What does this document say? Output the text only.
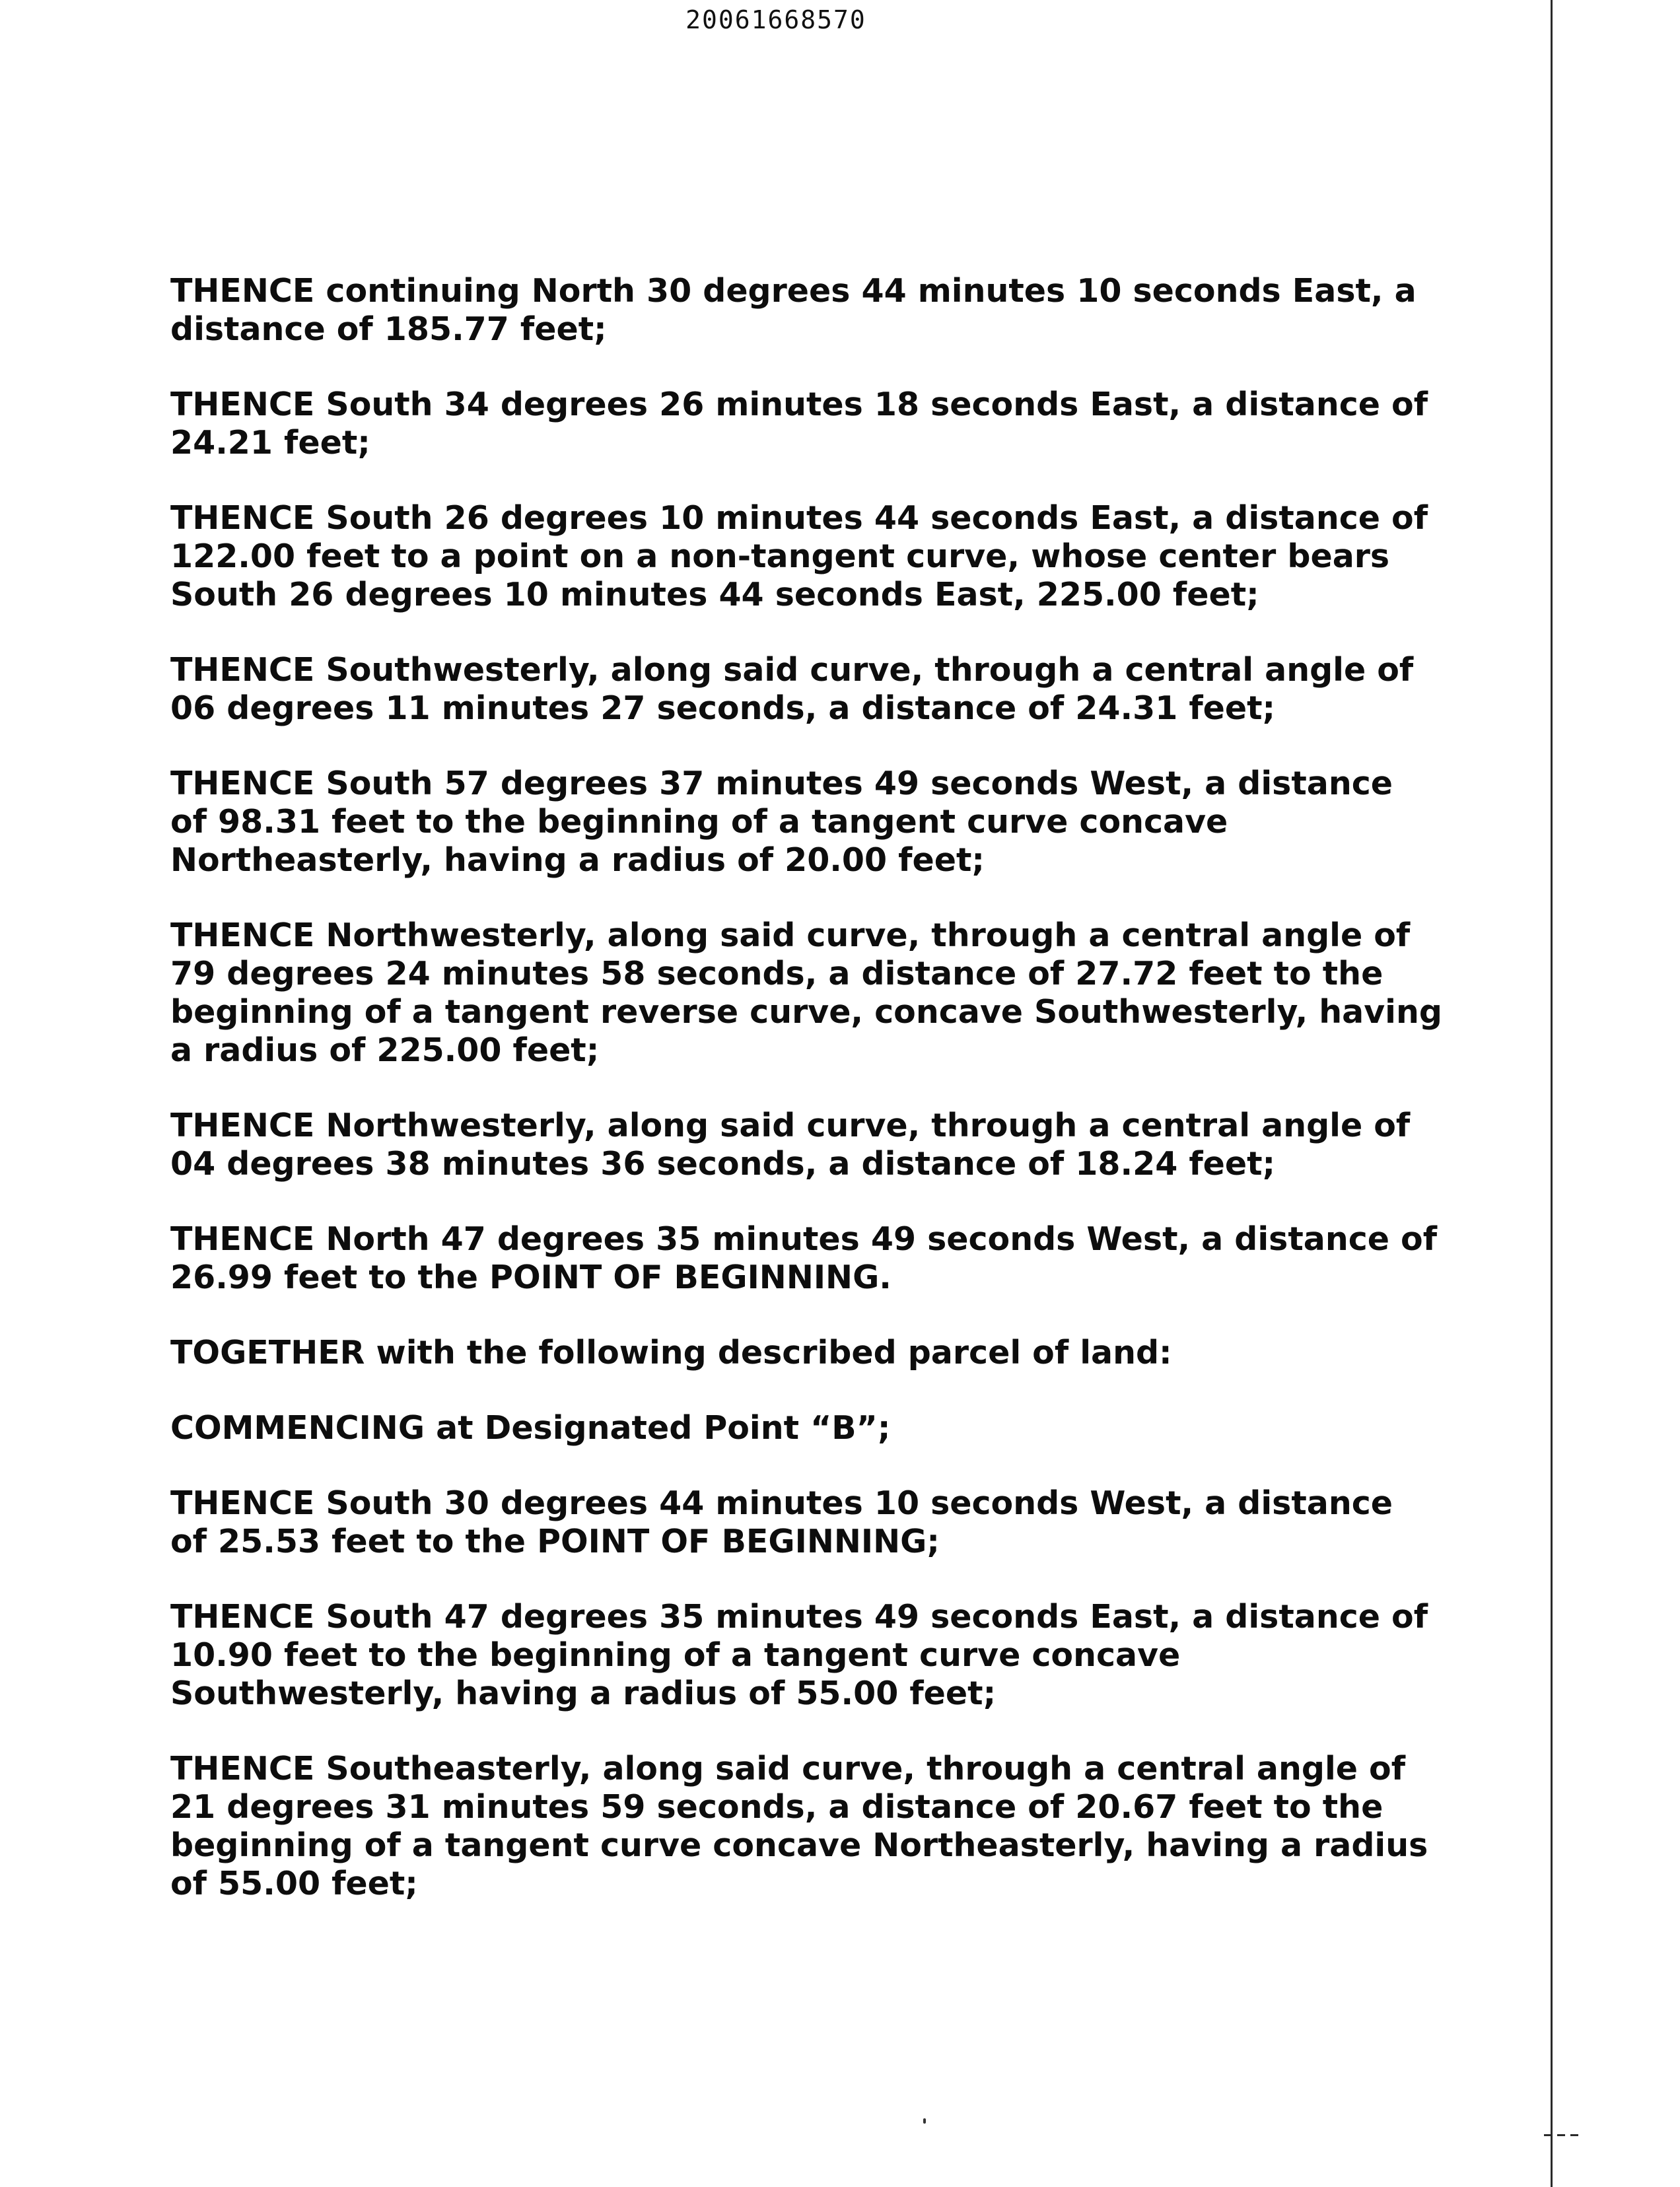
20061668570

THENCE continuing North 30 degrees 44 minutes 10 seconds East, a
distance of 185.77 feet;

THENCE South 34 degrees 26 minutes 18 seconds East, a distance of
24.21 feet;

THENCE South 26 degrees 10 minutes 44 seconds East, a distance of
122.00 feet to a point on a non-tangent curve, whose center bears
South 26 degrees 10 minutes 44 seconds East, 225.00 feet;

THENCE Southwesterly, along said curve, through a central angle of
06 degrees 11 minutes 27 seconds, a distance of 24.31 feet;

THENCE South 57 degrees 37 minutes 49 seconds West, a distance
of 98.31 feet to the beginning of a tangent curve concave
Northeasterly, having a radius of 20.00 feet;

THENCE Northwesterly, along said curve, through a central angle of
79 degrees 24 minutes 58 seconds, a distance of 27.72 feet to the
beginning of a tangent reverse curve, concave Southwesterly, having
a radius of 225.00 feet;

THENCE Northwesterly, along said curve, through a central angle of
04 degrees 38 minutes 36 seconds, a distance of 18.24 feet;

THENCE North 47 degrees 35 minutes 49 seconds West, a distance of
26.99 feet to the POINT OF BEGINNING.

TOGETHER with the following described parcel of land:

COMMENCING at Designated Point “B”;

THENCE South 30 degrees 44 minutes 10 seconds West, a distance
of 25.53 feet to the POINT OF BEGINNING;

THENCE South 47 degrees 35 minutes 49 seconds East, a distance of
10.90 feet to the beginning of a tangent curve concave
Southwesterly, having a radius of 55.00 feet;

THENCE Southeasterly, along said curve, through a central angle of
21 degrees 31 minutes 59 seconds, a distance of 20.67 feet to the
beginning of a tangent curve concave Northeasterly, having a radius
of 55.00 feet;
